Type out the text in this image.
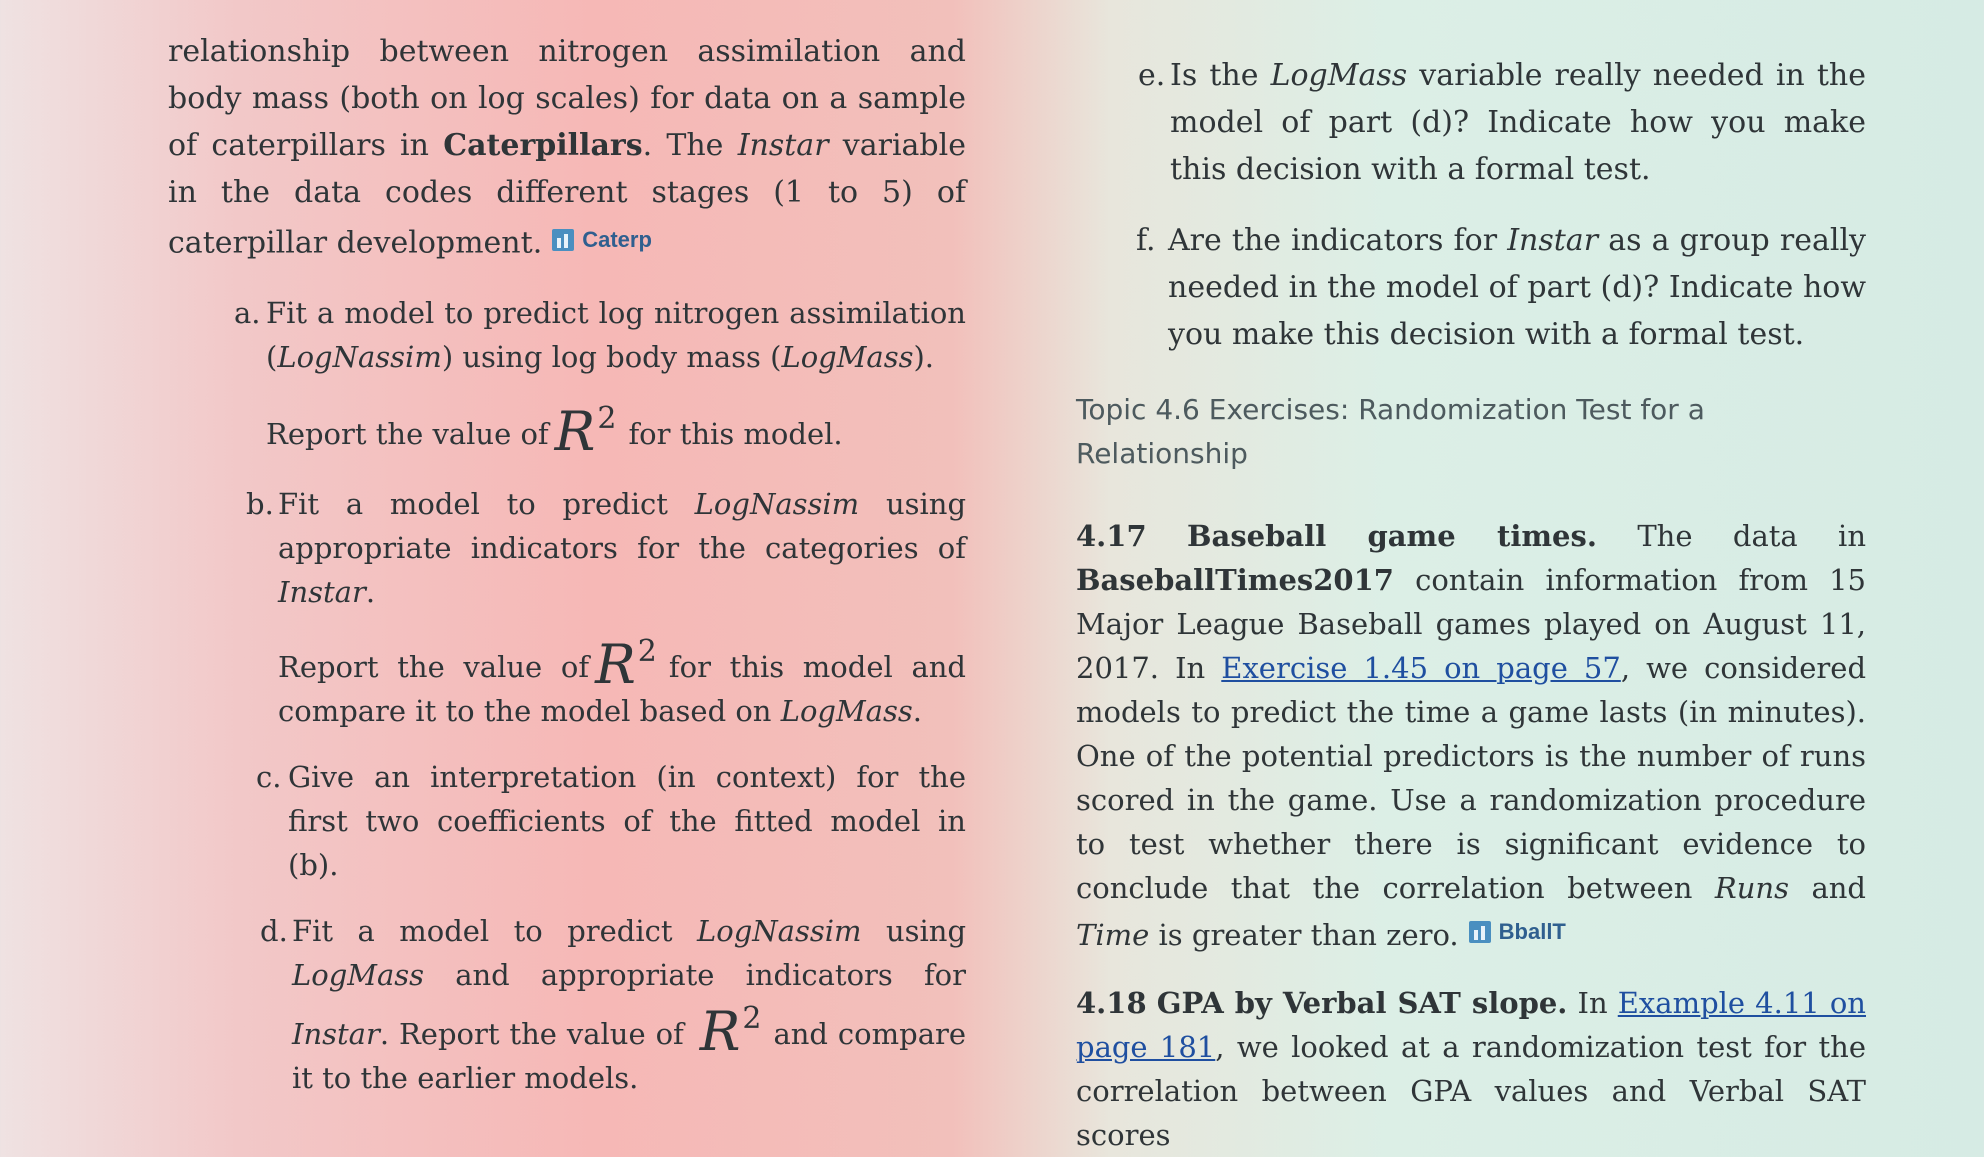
relationship between nitrogen assimilation and body mass (both on log scales) for data on a sample of caterpillars in Caterpillars. The Instar variable in the data codes different stages (1 to 5) of caterpillar development. Caterp

a. Fit a model to predict log nitrogen assimilation (LogNassim) using log body mass (LogMass).
Report the value of $R^2$ for this model.
b. Fit a model to predict LogNassim using appropriate indicators for the categories of Instar.
Report the value of $R^2$ for this model and compare it to the model based on LogMass.
c. Give an interpretation (in context) for the first two coefficients of the fitted model in (b).
d. Fit a model to predict LogNassim using LogMass and appropriate indicators for Instar. Report the value of $R^2$ and compare it to the earlier models.
e. Is the LogMass variable really needed in the model of part (d)? Indicate how you make this decision with a formal test.
f. Are the indicators for Instar as a group really needed in the model of part (d)? Indicate how you make this decision with a formal test.

Topic 4.6 Exercises: Randomization Test for a Relationship

4.17 Baseball game times. The data in BaseballTimes2017 contain information from 15 Major League Baseball games played on August 11, 2017. In Exercise 1.45 on page 57, we considered models to predict the time a game lasts (in minutes). One of the potential predictors is the number of runs scored in the game. Use a randomization procedure to test whether there is significant evidence to conclude that the correlation between Runs and Time is greater than zero. BballT

4.18 GPA by Verbal SAT slope. In Example 4.11 on page 181, we looked at a randomization test for the correlation between GPA values and Verbal SAT scores
